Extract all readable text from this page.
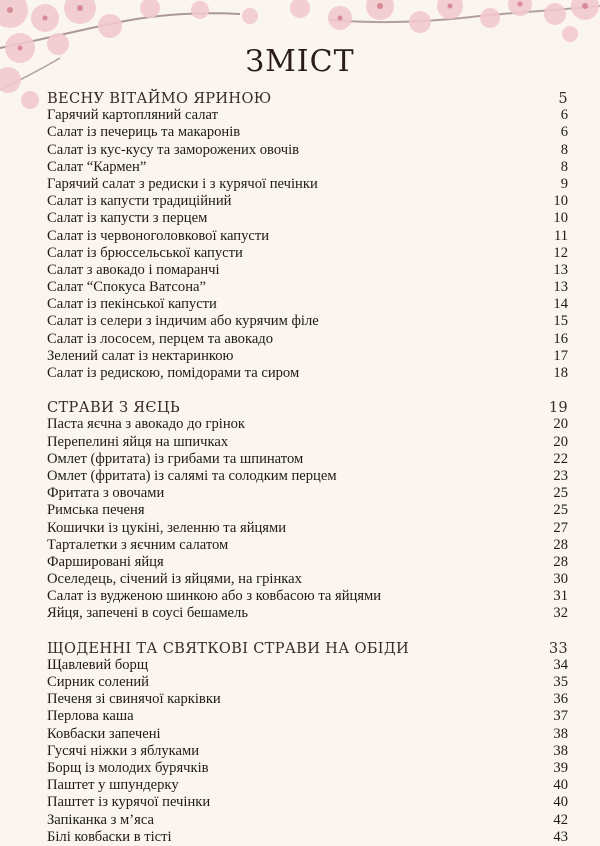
ЗМІСТ
ВЕСНУ ВІТАЙМО ЯРИНОЮ	5
Гарячий картопляний салат	6
Салат із печериць та макаронів	6
Салат із кус-кусу та заморожених овочів	8
Салат “Кармен”	8
Гарячий салат з редиски і з курячої печінки	9
Салат із капусти традиційний	10
Салат із капусти з перцем	10
Салат із червоноголовкової капусти	11
Салат із брюссельської капусти	12
Салат з авокадо і помаранчі	13
Салат “Спокуса Ватсона”	13
Салат із пекінської капусти	14
Салат із селери з індичим або курячим філе	15
Салат із лососем, перцем та авокадо	16
Зелений салат із нектаринкою	17
Салат із редискою, помідорами та сиром	18
СТРАВИ З ЯЄЦЬ	19
Паста яєчна з авокадо до грінок	20
Перепелині яйця на шпичках	20
Омлет (фритата) із грибами та шпинатом	22
Омлет (фритата) із салямі та солодким перцем	23
Фритата з овочами	25
Римська печеня	25
Кошички із цукіні, зеленню та яйцями	27
Тарталетки з яєчним салатом	28
Фаршировані яйця	28
Оселедець, січений із яйцями, на грінках	30
Салат із вудженою шинкою або з ковбасою та яйцями	31
Яйця, запечені в соусі бешамель	32
ЩОДЕННІ ТА СВЯТКОВІ СТРАВИ НА ОБІДИ	33
Щавлевий борщ	34
Сирник солений	35
Печеня зі свинячої карківки	36
Перлова каша	37
Ковбаски запечені	38
Гусячі ніжки з яблуками	38
Борщ із молодих бурячків	39
Паштет у шпундерку	40
Паштет із курячої печінки	40
Запіканка з м’яса	42
Білі ковбаски в тісті	43
